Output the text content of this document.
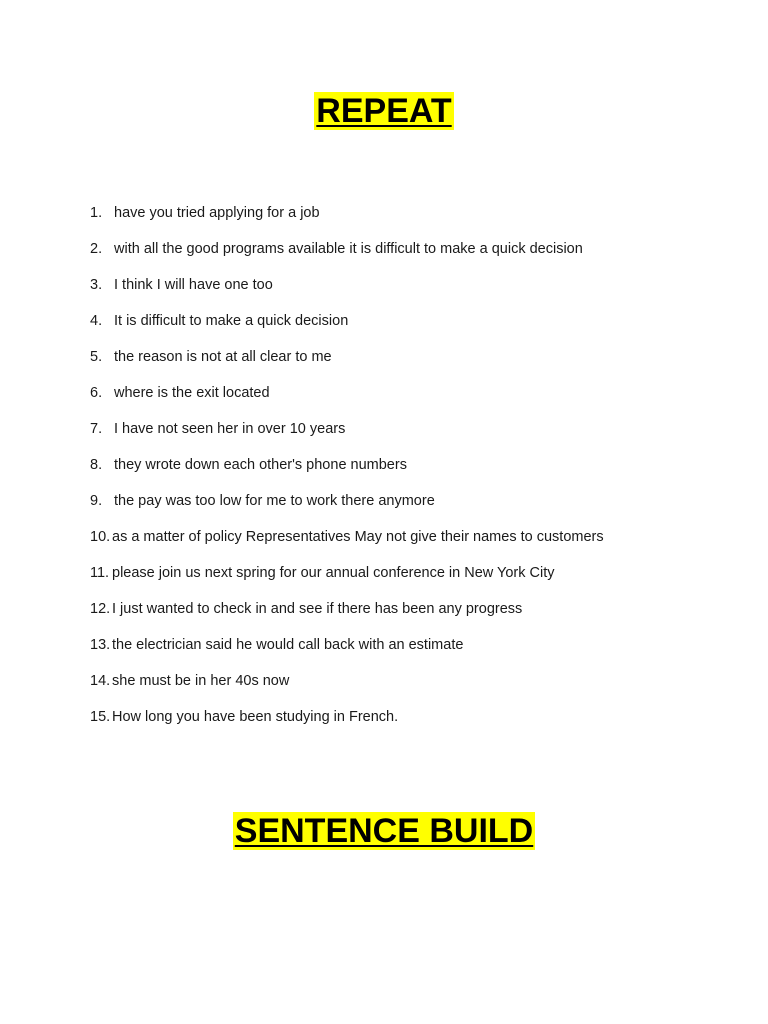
REPEAT
1. have you tried applying for a job
2. with all the good programs available it is difficult to make a quick decision
3. I think I will have one too
4. It is difficult to make a quick decision
5. the reason is not at all clear to me
6. where is the exit located
7. I have not seen her in over 10 years
8. they wrote down each other's phone numbers
9. the pay was too low for me to work there anymore
10. as a matter of policy Representatives May not give their names to customers
11. please join us next spring for our annual conference in New York City
12. I just wanted to check in and see if there has been any progress
13. the electrician said he would call back with an estimate
14. she must be in her 40s now
15. How long you have been studying in French.
SENTENCE BUILD
